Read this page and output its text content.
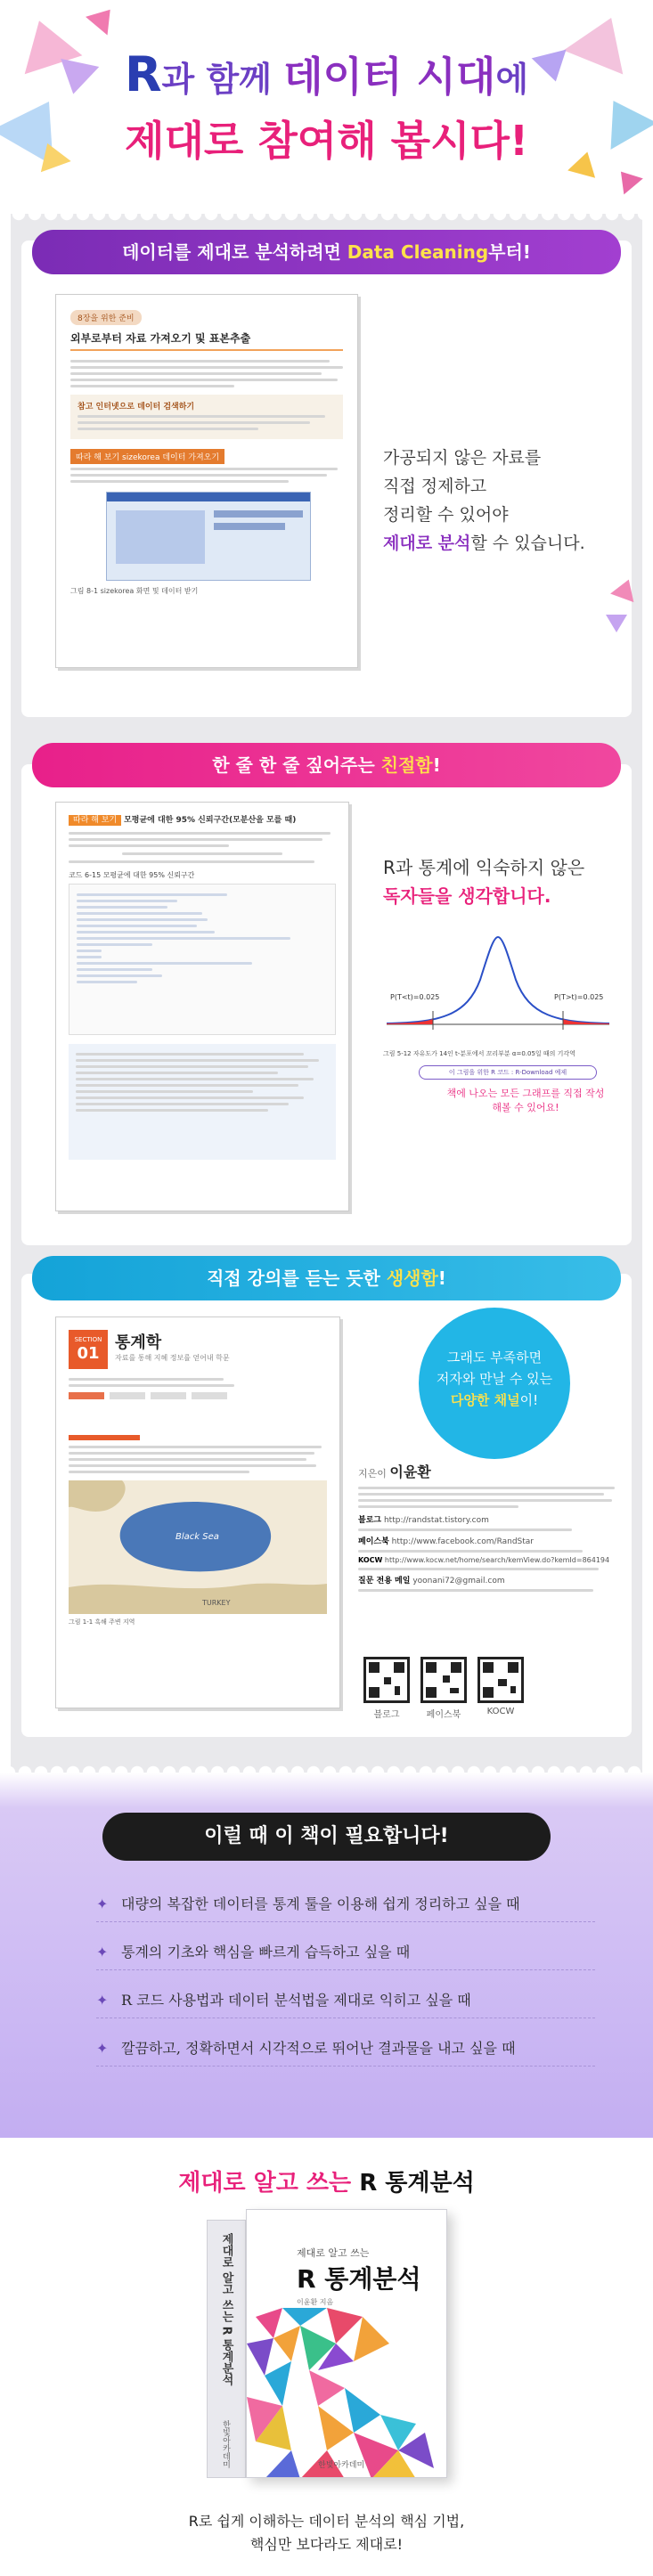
R과 함께 데이터 시대에
제대로 참여해 봅시다!
데이터를 제대로 분석하려면 Data Cleaning부터!
8장을 위한 준비
외부로부터 자료 가져오기 및 표본추출
참고 인터넷으로 데이터 검색하기
따라 해 보기 sizekorea 데이터 가져오기
그림 8-1 sizekorea 화면 및 데이터 받기
가공되지 않은 자료를
직접 정제하고
정리할 수 있어야
제대로 분석할 수 있습니다.
한 줄 한 줄 짚어주는 친절함!
따라 해 보기 모평균에 대한 95% 신뢰구간(모분산을 모를 때)
코드 6-15 모평균에 대한 95% 신뢰구간	R과 통계에 익숙하지 않은
독자들을 생각합니다.
P(T<t)=0.025	P(T>t)=0.025
그림 5-12 자유도가 14인 t-분포에서 꼬리부분 α=0.05일 때의 기각역
이 그림을 위한 R 코드 : R-Download 예제
책에 나오는 모든 그래프를 직접 작성해볼 수 있어요!
직접 강의를 듣는 듯한 생생함!
SECTION
01
통계학
자료를 통해 지혜 정보를 얻어내 학문
Black Sea
TURKEY
그림 1-1 흑해 주변 지역
그래도 부족하면
저자와 만날 수 있는
다양한 채널이!
지은이 이윤환
블로그 http://randstat.tistory.com
페이스북 http://www.facebook.com/RandStar
KOCW http://www.kocw.net/home/search/kemView.do?kemId=864194
질문 전용 메일 yoonani72@gmail.com
블로그	페이스북	KOCW
이럴 때 이 책이 필요합니다!
✦ 대량의 복잡한 데이터를 통계 툴을 이용해 쉽게 정리하고 싶을 때
✦ 통계의 기초와 핵심을 빠르게 습득하고 싶을 때
✦ R 코드 사용법과 데이터 분석법을 제대로 익히고 싶을 때
✦ 깔끔하고, 정확하면서 시각적으로 뛰어난 결과물을 내고 싶을 때
제대로 알고 쓰는 R 통계분석
제대로 알고 쓰는 R 통계분석
한빛아카데미
제대로 알고 쓰는
R 통계분석
이윤환 지음
한빛아카데미
R로 쉽게 이해하는 데이터 분석의 핵심 기법,
핵심만 보다라도 제대로!
